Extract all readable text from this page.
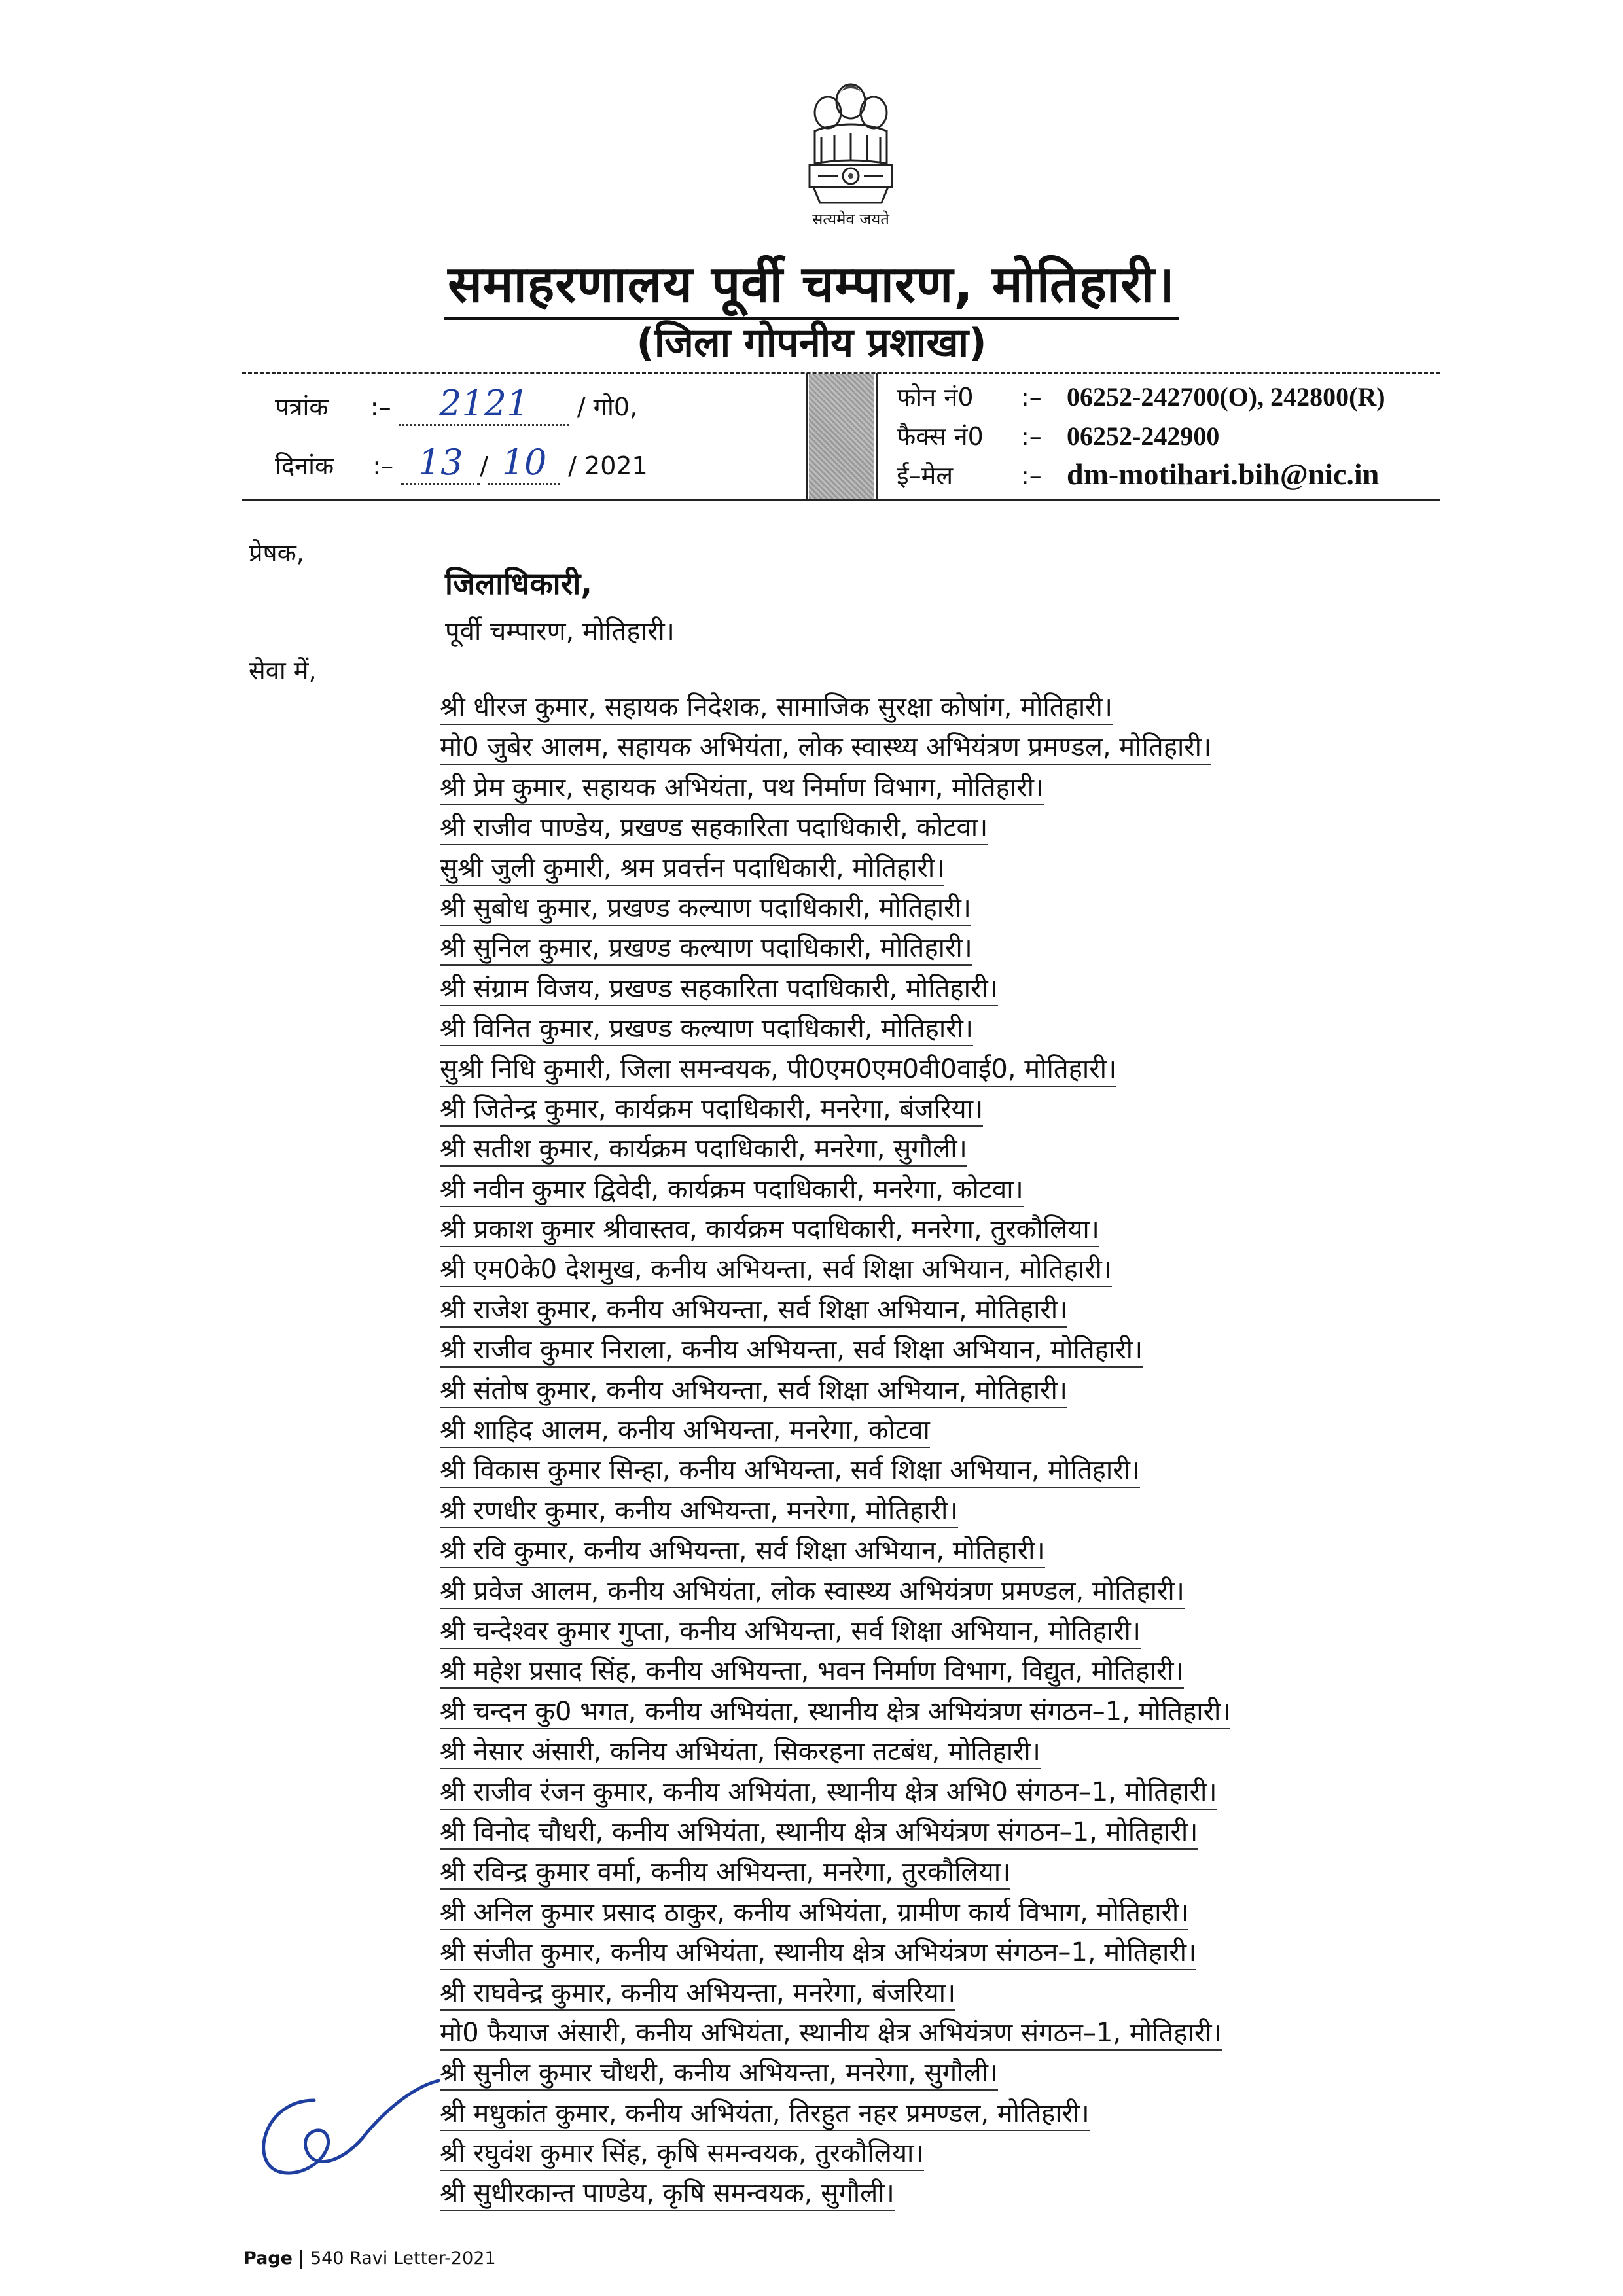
सत्यमेव जयते
समाहरणालय पूर्वी चम्पारण, मोतिहारी।
(जिला गोपनीय प्रशाखा)
पत्रांक :– 2121 / गो0,
दिनांक :– 13 / 10 / 2021
फोन नं0 :– 06252-242700(O), 242800(R)
फैक्स नं0 :– 06252-242900
ई–मेल	:– dm-motihari.bih@nic.in
प्रेषक,
जिलाधिकारी,
पूर्वी चम्पारण, मोतिहारी।
सेवा में,
श्री धीरज कुमार, सहायक निदेशक, सामाजिक सुरक्षा कोषांग, मोतिहारी।
मो0 जुबेर आलम, सहायक अभियंता, लोक स्वास्थ्य अभियंत्रण प्रमण्डल, मोतिहारी।
श्री प्रेम कुमार, सहायक अभियंता, पथ निर्माण विभाग, मोतिहारी।
श्री राजीव पाण्डेय, प्रखण्ड सहकारिता पदाधिकारी, कोटवा।
सुश्री जुली कुमारी, श्रम प्रवर्त्तन पदाधिकारी, मोतिहारी।
श्री सुबोध कुमार, प्रखण्ड कल्याण पदाधिकारी, मोतिहारी।
श्री सुनिल कुमार, प्रखण्ड कल्याण पदाधिकारी, मोतिहारी।
श्री संग्राम विजय, प्रखण्ड सहकारिता पदाधिकारी, मोतिहारी।
श्री विनित कुमार, प्रखण्ड कल्याण पदाधिकारी, मोतिहारी।
सुश्री निधि कुमारी, जिला समन्वयक, पी0एम0एम0वी0वाई0, मोतिहारी।
श्री जितेन्द्र कुमार, कार्यक्रम पदाधिकारी, मनरेगा, बंजरिया।
श्री सतीश कुमार, कार्यक्रम पदाधिकारी, मनरेगा, सुगौली।
श्री नवीन कुमार द्विवेदी, कार्यक्रम पदाधिकारी, मनरेगा, कोटवा।
श्री प्रकाश कुमार श्रीवास्तव, कार्यक्रम पदाधिकारी, मनरेगा, तुरकौलिया।
श्री एम0के0 देशमुख, कनीय अभियन्ता, सर्व शिक्षा अभियान, मोतिहारी।
श्री राजेश कुमार, कनीय अभियन्ता, सर्व शिक्षा अभियान, मोतिहारी।
श्री राजीव कुमार निराला, कनीय अभियन्ता, सर्व शिक्षा अभियान, मोतिहारी।
श्री संतोष कुमार, कनीय अभियन्ता, सर्व शिक्षा अभियान, मोतिहारी।
श्री शाहिद आलम, कनीय अभियन्ता, मनरेगा, कोटवा
श्री विकास कुमार सिन्हा, कनीय अभियन्ता, सर्व शिक्षा अभियान, मोतिहारी।
श्री रणधीर कुमार, कनीय अभियन्ता, मनरेगा, मोतिहारी।
श्री रवि कुमार, कनीय अभियन्ता, सर्व शिक्षा अभियान, मोतिहारी।
श्री प्रवेज आलम, कनीय अभियंता, लोक स्वास्थ्य अभियंत्रण प्रमण्डल, मोतिहारी।
श्री चन्देश्वर कुमार गुप्ता, कनीय अभियन्ता, सर्व शिक्षा अभियान, मोतिहारी।
श्री महेश प्रसाद सिंह, कनीय अभियन्ता, भवन निर्माण विभाग, विद्युत, मोतिहारी।
श्री चन्दन कु0 भगत, कनीय अभियंता, स्थानीय क्षेत्र अभियंत्रण संगठन–1, मोतिहारी।
श्री नेसार अंसारी, कनिय अभियंता, सिकरहना तटबंध, मोतिहारी।
श्री राजीव रंजन कुमार, कनीय अभियंता, स्थानीय क्षेत्र अभि0 संगठन–1, मोतिहारी।
श्री विनोद चौधरी, कनीय अभियंता, स्थानीय क्षेत्र अभियंत्रण संगठन–1, मोतिहारी।
श्री रविन्द्र कुमार वर्मा, कनीय अभियन्ता, मनरेगा, तुरकौलिया।
श्री अनिल कुमार प्रसाद ठाकुर, कनीय अभियंता, ग्रामीण कार्य विभाग, मोतिहारी।
श्री संजीत कुमार, कनीय अभियंता, स्थानीय क्षेत्र अभियंत्रण संगठन–1, मोतिहारी।
श्री राघवेन्द्र कुमार, कनीय अभियन्ता, मनरेगा, बंजरिया।
मो0 फैयाज अंसारी, कनीय अभियंता, स्थानीय क्षेत्र अभियंत्रण संगठन–1, मोतिहारी।
श्री सुनील कुमार चौधरी, कनीय अभियन्ता, मनरेगा, सुगौली।
श्री मधुकांत कुमार, कनीय अभियंता, तिरहुत नहर प्रमण्डल, मोतिहारी।
श्री रघुवंश कुमार सिंह, कृषि समन्वयक, तुरकौलिया।
श्री सुधीरकान्त पाण्डेय, कृषि समन्वयक, सुगौली।
Page 540 Ravi Letter-2021
